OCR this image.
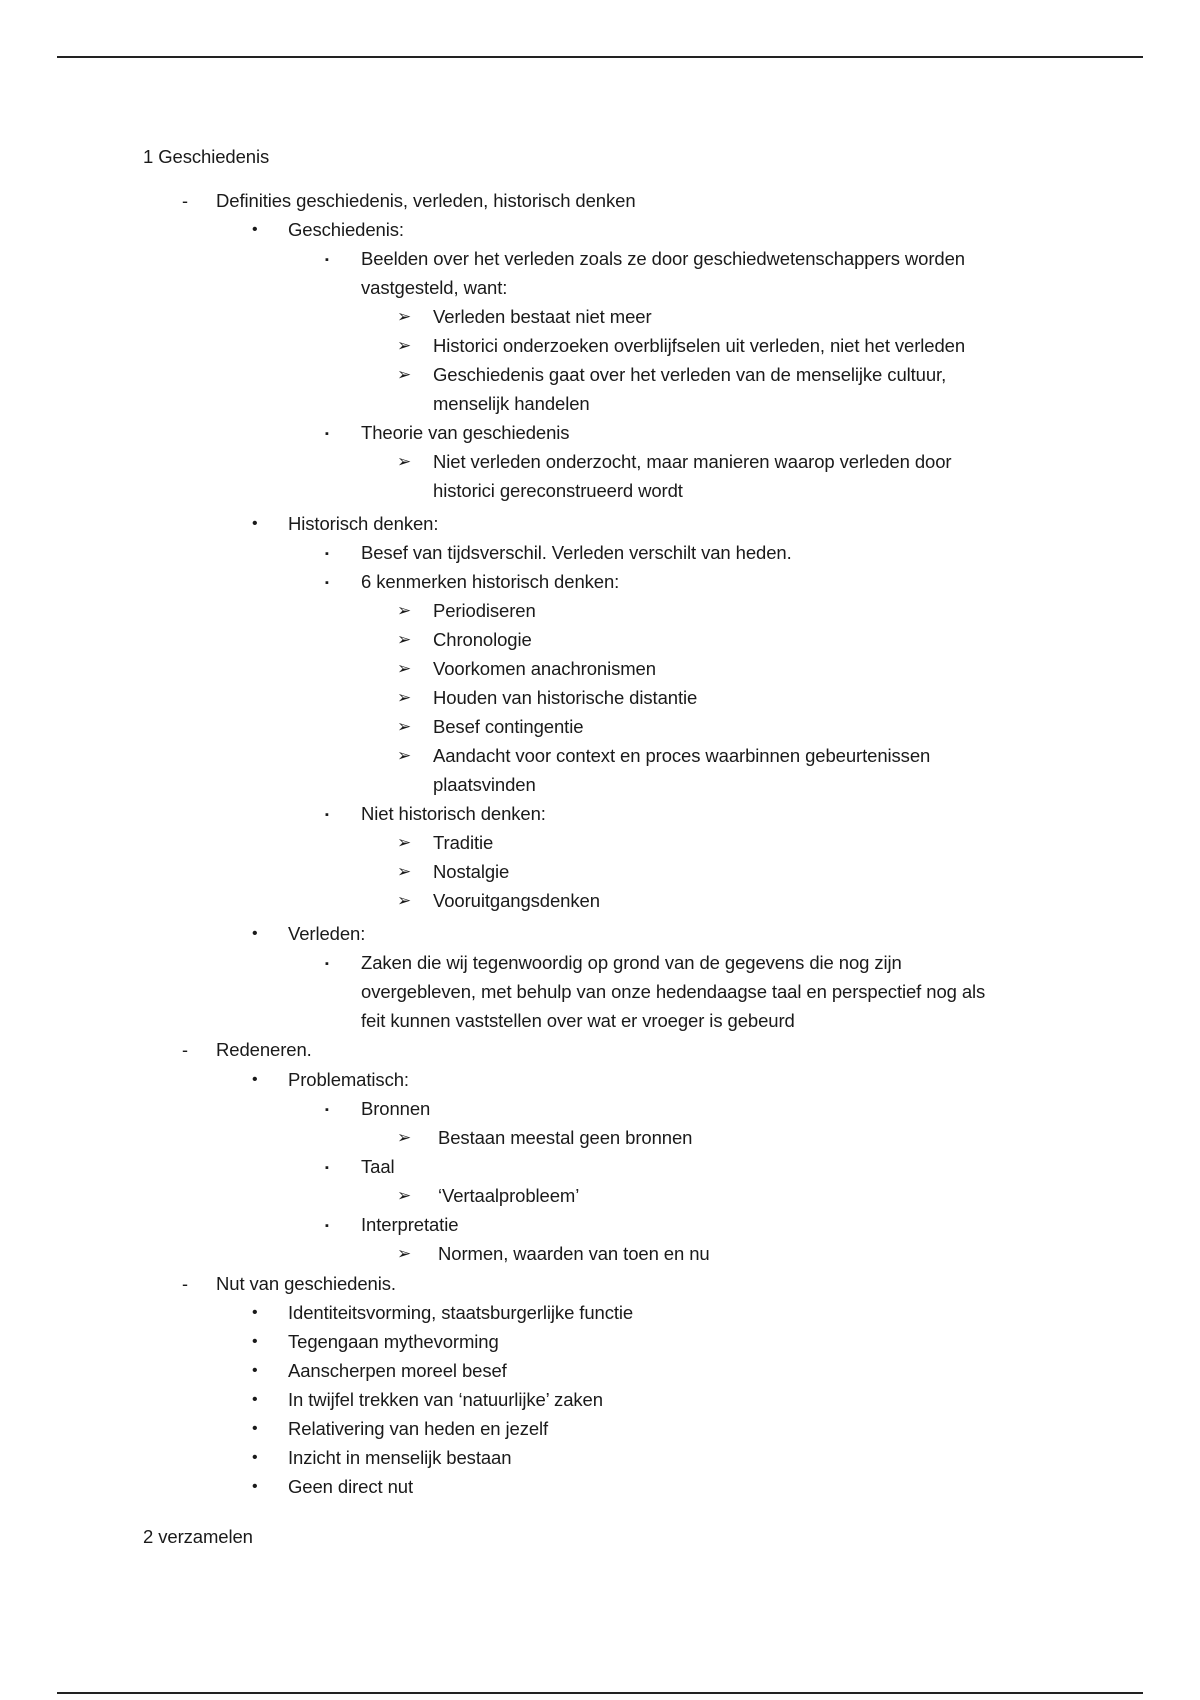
1 Geschiedenis
- Definities geschiedenis, verleden, historisch denken
• Geschiedenis:
▪ Beelden over het verleden zoals ze door geschiedwetenschappers worden
vastgesteld, want:
➢ Verleden bestaat niet meer
➢ Historici onderzoeken overblijfselen uit verleden, niet het verleden
➢ Geschiedenis gaat over het verleden van de menselijke cultuur,
menselijk handelen
▪ Theorie van geschiedenis
➢ Niet verleden onderzocht, maar manieren waarop verleden door
historici gereconstrueerd wordt
• Historisch denken:
▪ Besef van tijdsverschil. Verleden verschilt van heden.
▪ 6 kenmerken historisch denken:
➢ Periodiseren
➢ Chronologie
➢ Voorkomen anachronismen
➢ Houden van historische distantie
➢ Besef contingentie
➢ Aandacht voor context en proces waarbinnen gebeurtenissen
plaatsvinden
▪ Niet historisch denken:
➢ Traditie
➢ Nostalgie
➢ Vooruitgangsdenken
• Verleden:
▪ Zaken die wij tegenwoordig op grond van de gegevens die nog zijn
overgebleven, met behulp van onze hedendaagse taal en perspectief nog als
feit kunnen vaststellen over wat er vroeger is gebeurd
- Redeneren.
• Problematisch:
▪ Bronnen
➢ Bestaan meestal geen bronnen
▪ Taal
➢ ‘Vertaalprobleem’
▪ Interpretatie
➢ Normen, waarden van toen en nu
- Nut van geschiedenis.
• Identiteitsvorming, staatsburgerlijke functie
• Tegengaan mythevorming
• Aanscherpen moreel besef
• In twijfel trekken van ‘natuurlijke’ zaken
• Relativering van heden en jezelf
• Inzicht in menselijk bestaan
• Geen direct nut
2 verzamelen
